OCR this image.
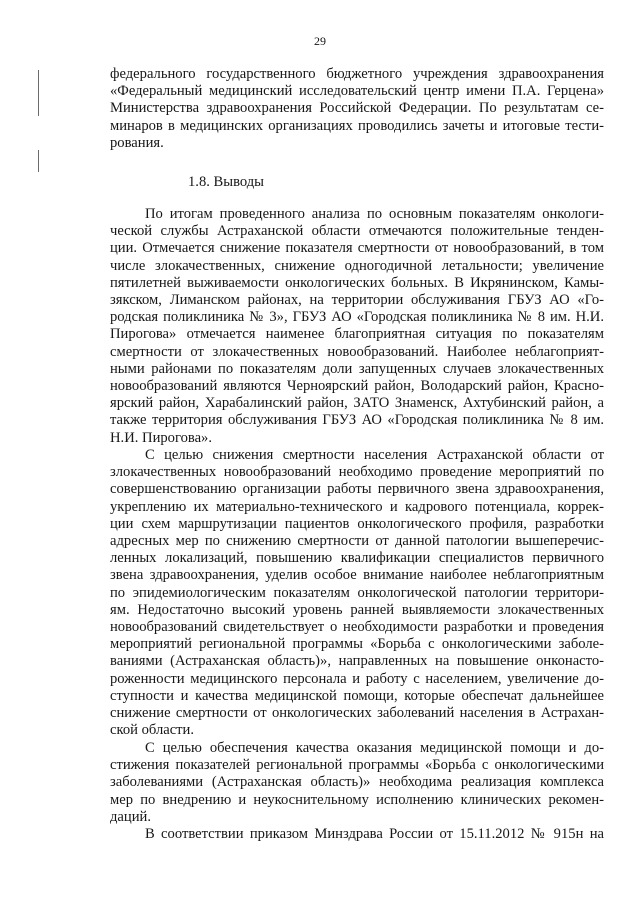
29
федерального государственного бюджетного учреждения здравоохранения
«Федеральный медицинский исследовательский центр имени П.А. Герцена»
Министерства здравоохранения Российской Федерации. По результатам се-
минаров в медицинских организациях проводились зачеты и итоговые тести-
рования.
1.8. Выводы
По итогам проведенного анализа по основным показателям онкологи-
ческой службы Астраханской области отмечаются положительные тенден-
ции. Отмечается снижение показателя смертности от новообразований, в том
числе злокачественных, снижение одногодичной летальности; увеличение
пятилетней выживаемости онкологических больных. В Икрянинском, Камы-
зякском, Лиманском районах, на территории обслуживания ГБУЗ АО «Го-
родская поликлиника № 3», ГБУЗ АО «Городская поликлиника № 8 им. Н.И.
Пирогова» отмечается наименее благоприятная ситуация по показателям
смертности от злокачественных новообразований. Наиболее неблагоприят-
ными районами по показателям доли запущенных случаев злокачественных
новообразований являются Черноярский район, Володарский район, Красно-
ярский район, Харабалинский район, ЗАТО Знаменск, Ахтубинский район, а
также территория обслуживания ГБУЗ АО «Городская поликлиника № 8 им.
Н.И. Пирогова».
С целью снижения смертности населения Астраханской области от
злокачественных новообразований необходимо проведение мероприятий по
совершенствованию организации работы первичного звена здравоохранения,
укреплению их материально-технического и кадрового потенциала, коррек-
ции схем маршрутизации пациентов онкологического профиля, разработки
адресных мер по снижению смертности от данной патологии вышеперечис-
ленных локализаций, повышению квалификации специалистов первичного
звена здравоохранения, уделив особое внимание наиболее неблагоприятным
по эпидемиологическим показателям онкологической патологии территори-
ям. Недостаточно высокий уровень ранней выявляемости злокачественных
новообразований свидетельствует о необходимости разработки и проведения
мероприятий региональной программы «Борьба с онкологическими заболе-
ваниями (Астраханская область)», направленных на повышение онконасто-
роженности медицинского персонала и работу с населением, увеличение до-
ступности и качества медицинской помощи, которые обеспечат дальнейшее
снижение смертности от онкологических заболеваний населения в Астрахан-
ской области.
С целью обеспечения качества оказания медицинской помощи и до-
стижения показателей региональной программы «Борьба с онкологическими
заболеваниями (Астраханская область)» необходима реализация комплекса
мер по внедрению и неукоснительному исполнению клинических рекомен-
даций.
В соответствии приказом Минздрава России от 15.11.2012 № 915н на
